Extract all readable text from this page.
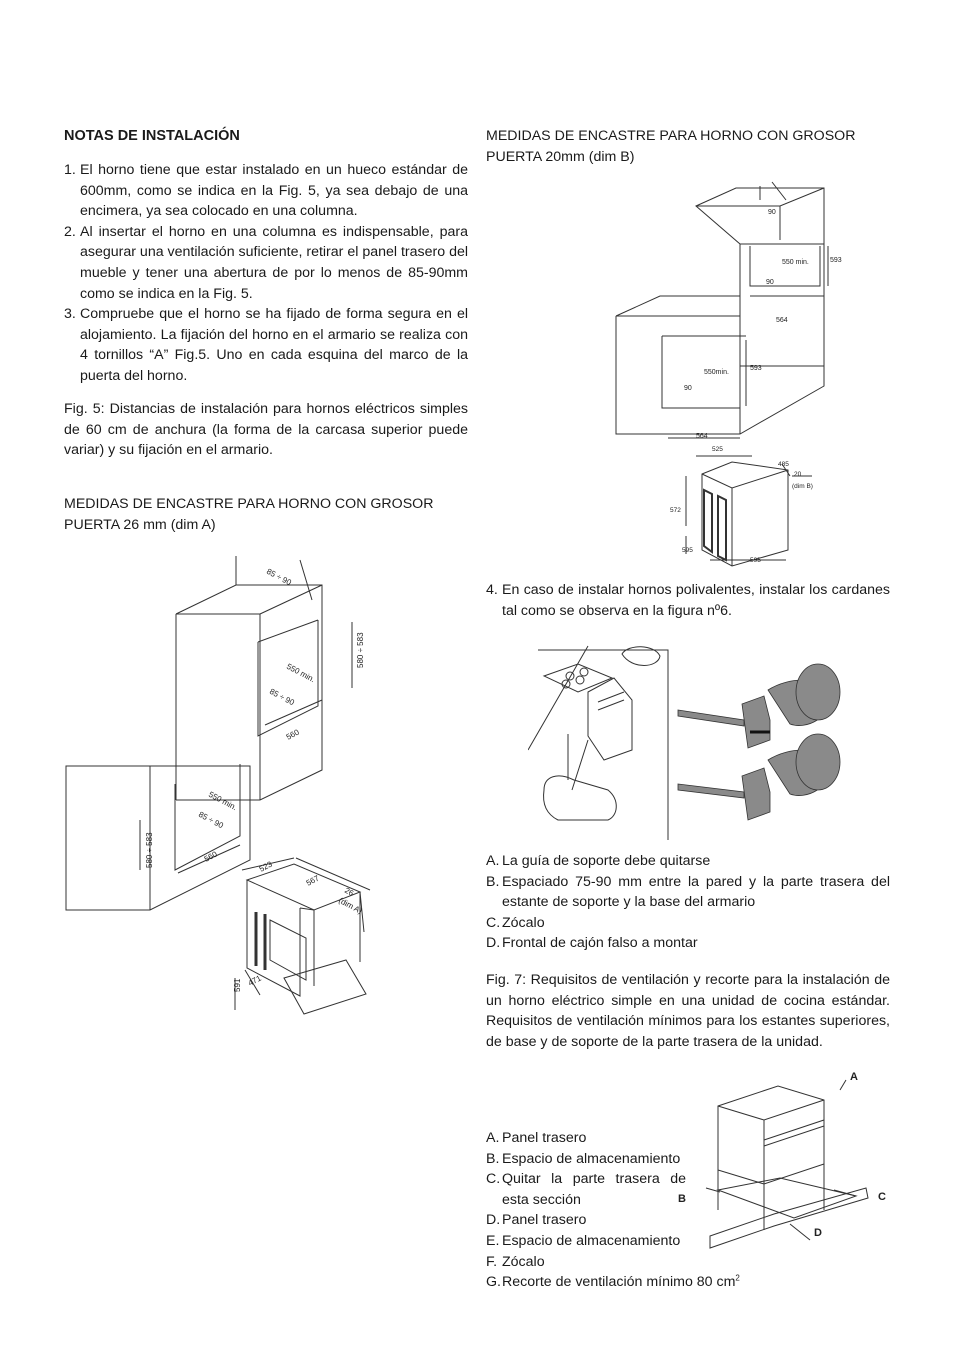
NOTAS DE INSTALACIÓN
1. El horno tiene que estar instalado en un hueco estándar de 600mm, como se indica en la Fig. 5, ya sea debajo de una encimera, ya sea colocado en una columna.
2. Al insertar el horno en una columna es indispensable, para asegurar una ventilación suficiente, retirar el panel trasero del mueble y tener una abertura de por lo menos de 85-90mm como se indica en la Fig. 5.
3. Compruebe que el horno se ha fijado de forma segura en el alojamiento. La fijación del horno en el armario se realiza con 4 tornillos “A” Fig.5. Uno en cada esquina del marco de la puerta del horno.

Fig. 5: Distancias de instalación para hornos eléctricos simples de 60 cm de anchura (la forma de la carcasa superior puede variar) y su fijación en el armario.

MEDIDAS DE ENCASTRE PARA HORNO CON GROSOR PUERTA 26 mm (dim A)

85 ÷ 90
580 ÷ 583
550 min.
85 ÷ 90
560
550 min.
85 ÷ 90
580 ÷ 583	560
523
567
26
(dim A)
591 471

MEDIDAS DE ENCASTRE PARA HORNO CON GROSOR PUERTA 20mm (dim B)

4. En caso de instalar hornos polivalentes, instalar los cardanes tal como se observa en la figura nº6.
A. La guía de soporte debe quitarse
B. Espaciado 75-90 mm entre la pared y la parte trasera del estante de soporte y la base del armario
C. Zócalo
D. Frontal de cajón falso a montar

Fig. 7: Requisitos de ventilación y recorte para la instalación de un horno eléctrico simple en una unidad de cocina estándar. Requisitos de ventilación mínimos para los estantes superiores, de base y de soporte de la parte trasera de la unidad.

A. Panel trasero
B. Espacio de almacenamiento
C. Quitar la parte trasera de esta sección
D. Panel trasero
E. Espacio de almacenamiento
F. Zócalo
G. Recorte de ventilación mínimo 80 $cm^2$
90
550 min.
90
593
564
550min.
90
593
564
525
485
20
(dim B)
572
595
595
A
B	C
D
